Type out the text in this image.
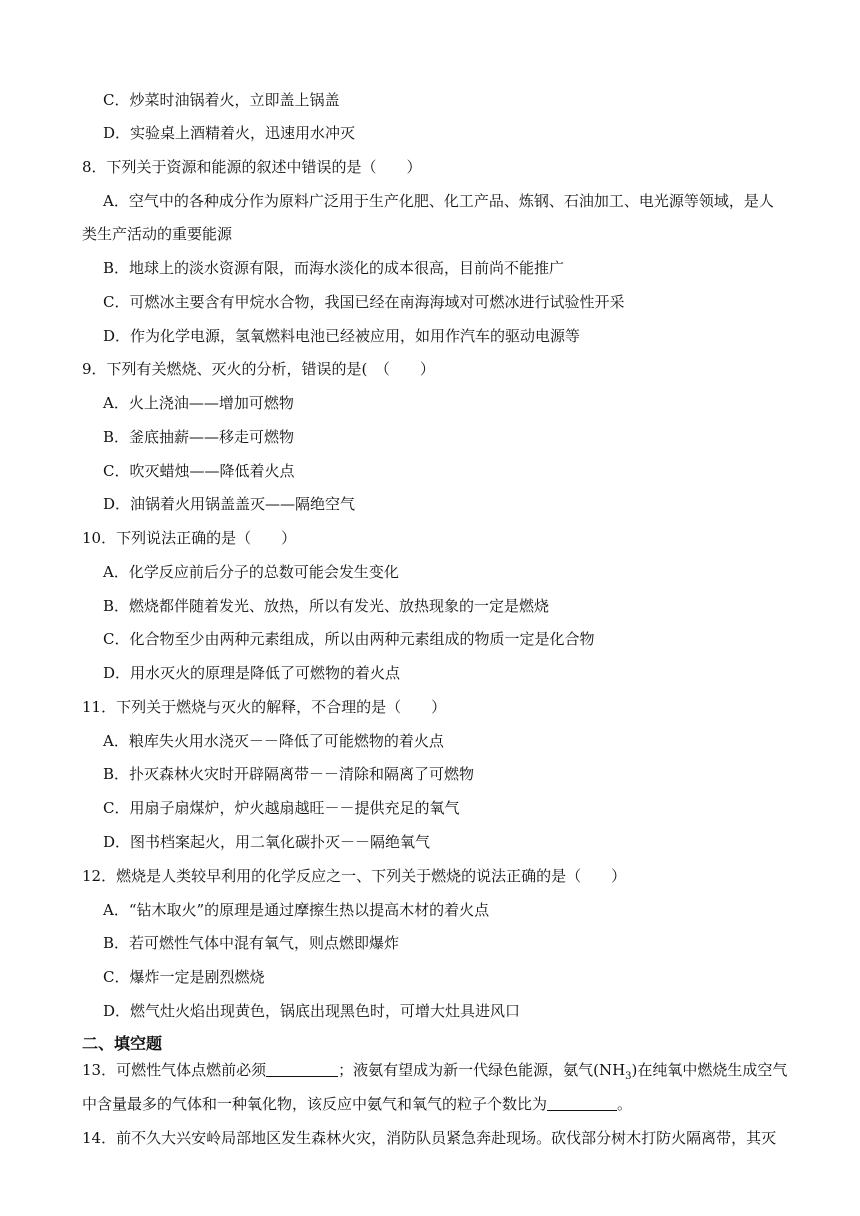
C．炒菜时油锅着火，立即盖上锅盖
D．实验桌上酒精着火，迅速用水冲灭
8．下列关于资源和能源的叙述中错误的是（　　）
A．空气中的各种成分作为原料广泛用于生产化肥、化工产品、炼钢、石油加工、电光源等领域，是人
类生产活动的重要能源
B．地球上的淡水资源有限，而海水淡化的成本很高，目前尚不能推广
C．可燃冰主要含有甲烷水合物，我国已经在南海海域对可燃冰进行试验性开采
D．作为化学电源，氢氧燃料电池已经被应用，如用作汽车的驱动电源等
9．下列有关燃烧、灭火的分析，错误的是(　（　　）
A．火上浇油——增加可燃物
B．釜底抽薪——移走可燃物
C．吹灭蜡烛——降低着火点
D．油锅着火用锅盖盖灭——隔绝空气
10．下列说法正确的是（　　）
A．化学反应前后分子的总数可能会发生变化
B．燃烧都伴随着发光、放热，所以有发光、放热现象的一定是燃烧
C．化合物至少由两种元素组成，所以由两种元素组成的物质一定是化合物
D．用水灭火的原理是降低了可燃物的着火点
11．下列关于燃烧与灭火的解释，不合理的是（　　）
A．粮库失火用水浇灭－－降低了可能燃物的着火点
B．扑灭森林火灾时开辟隔离带－－清除和隔离了可燃物
C．用扇子扇煤炉，炉火越扇越旺－－提供充足的氧气
D．图书档案起火，用二氧化碳扑灭－－隔绝氧气
12．燃烧是人类较早利用的化学反应之一、下列关于燃烧的说法正确的是（　　）
A．“钻木取火”的原理是通过摩擦生热以提高木材的着火点
B．若可燃性气体中混有氧气，则点燃即爆炸
C．爆炸一定是剧烈燃烧
D．燃气灶火焰出现黄色，锅底出现黑色时，可增大灶具进风口
二、填空题
13．可燃性气体点燃前必须	；液氨有望成为新一代绿色能源，氨气$(NH_3)$在纯氧中燃烧生成空气
中含量最多的气体和一种氧化物，该反应中氨气和氧气的粒子个数比为	。
14．前不久大兴安岭局部地区发生森林火灾，消防队员紧急奔赴现场。砍伐部分树木打防火隔离带，其灭
